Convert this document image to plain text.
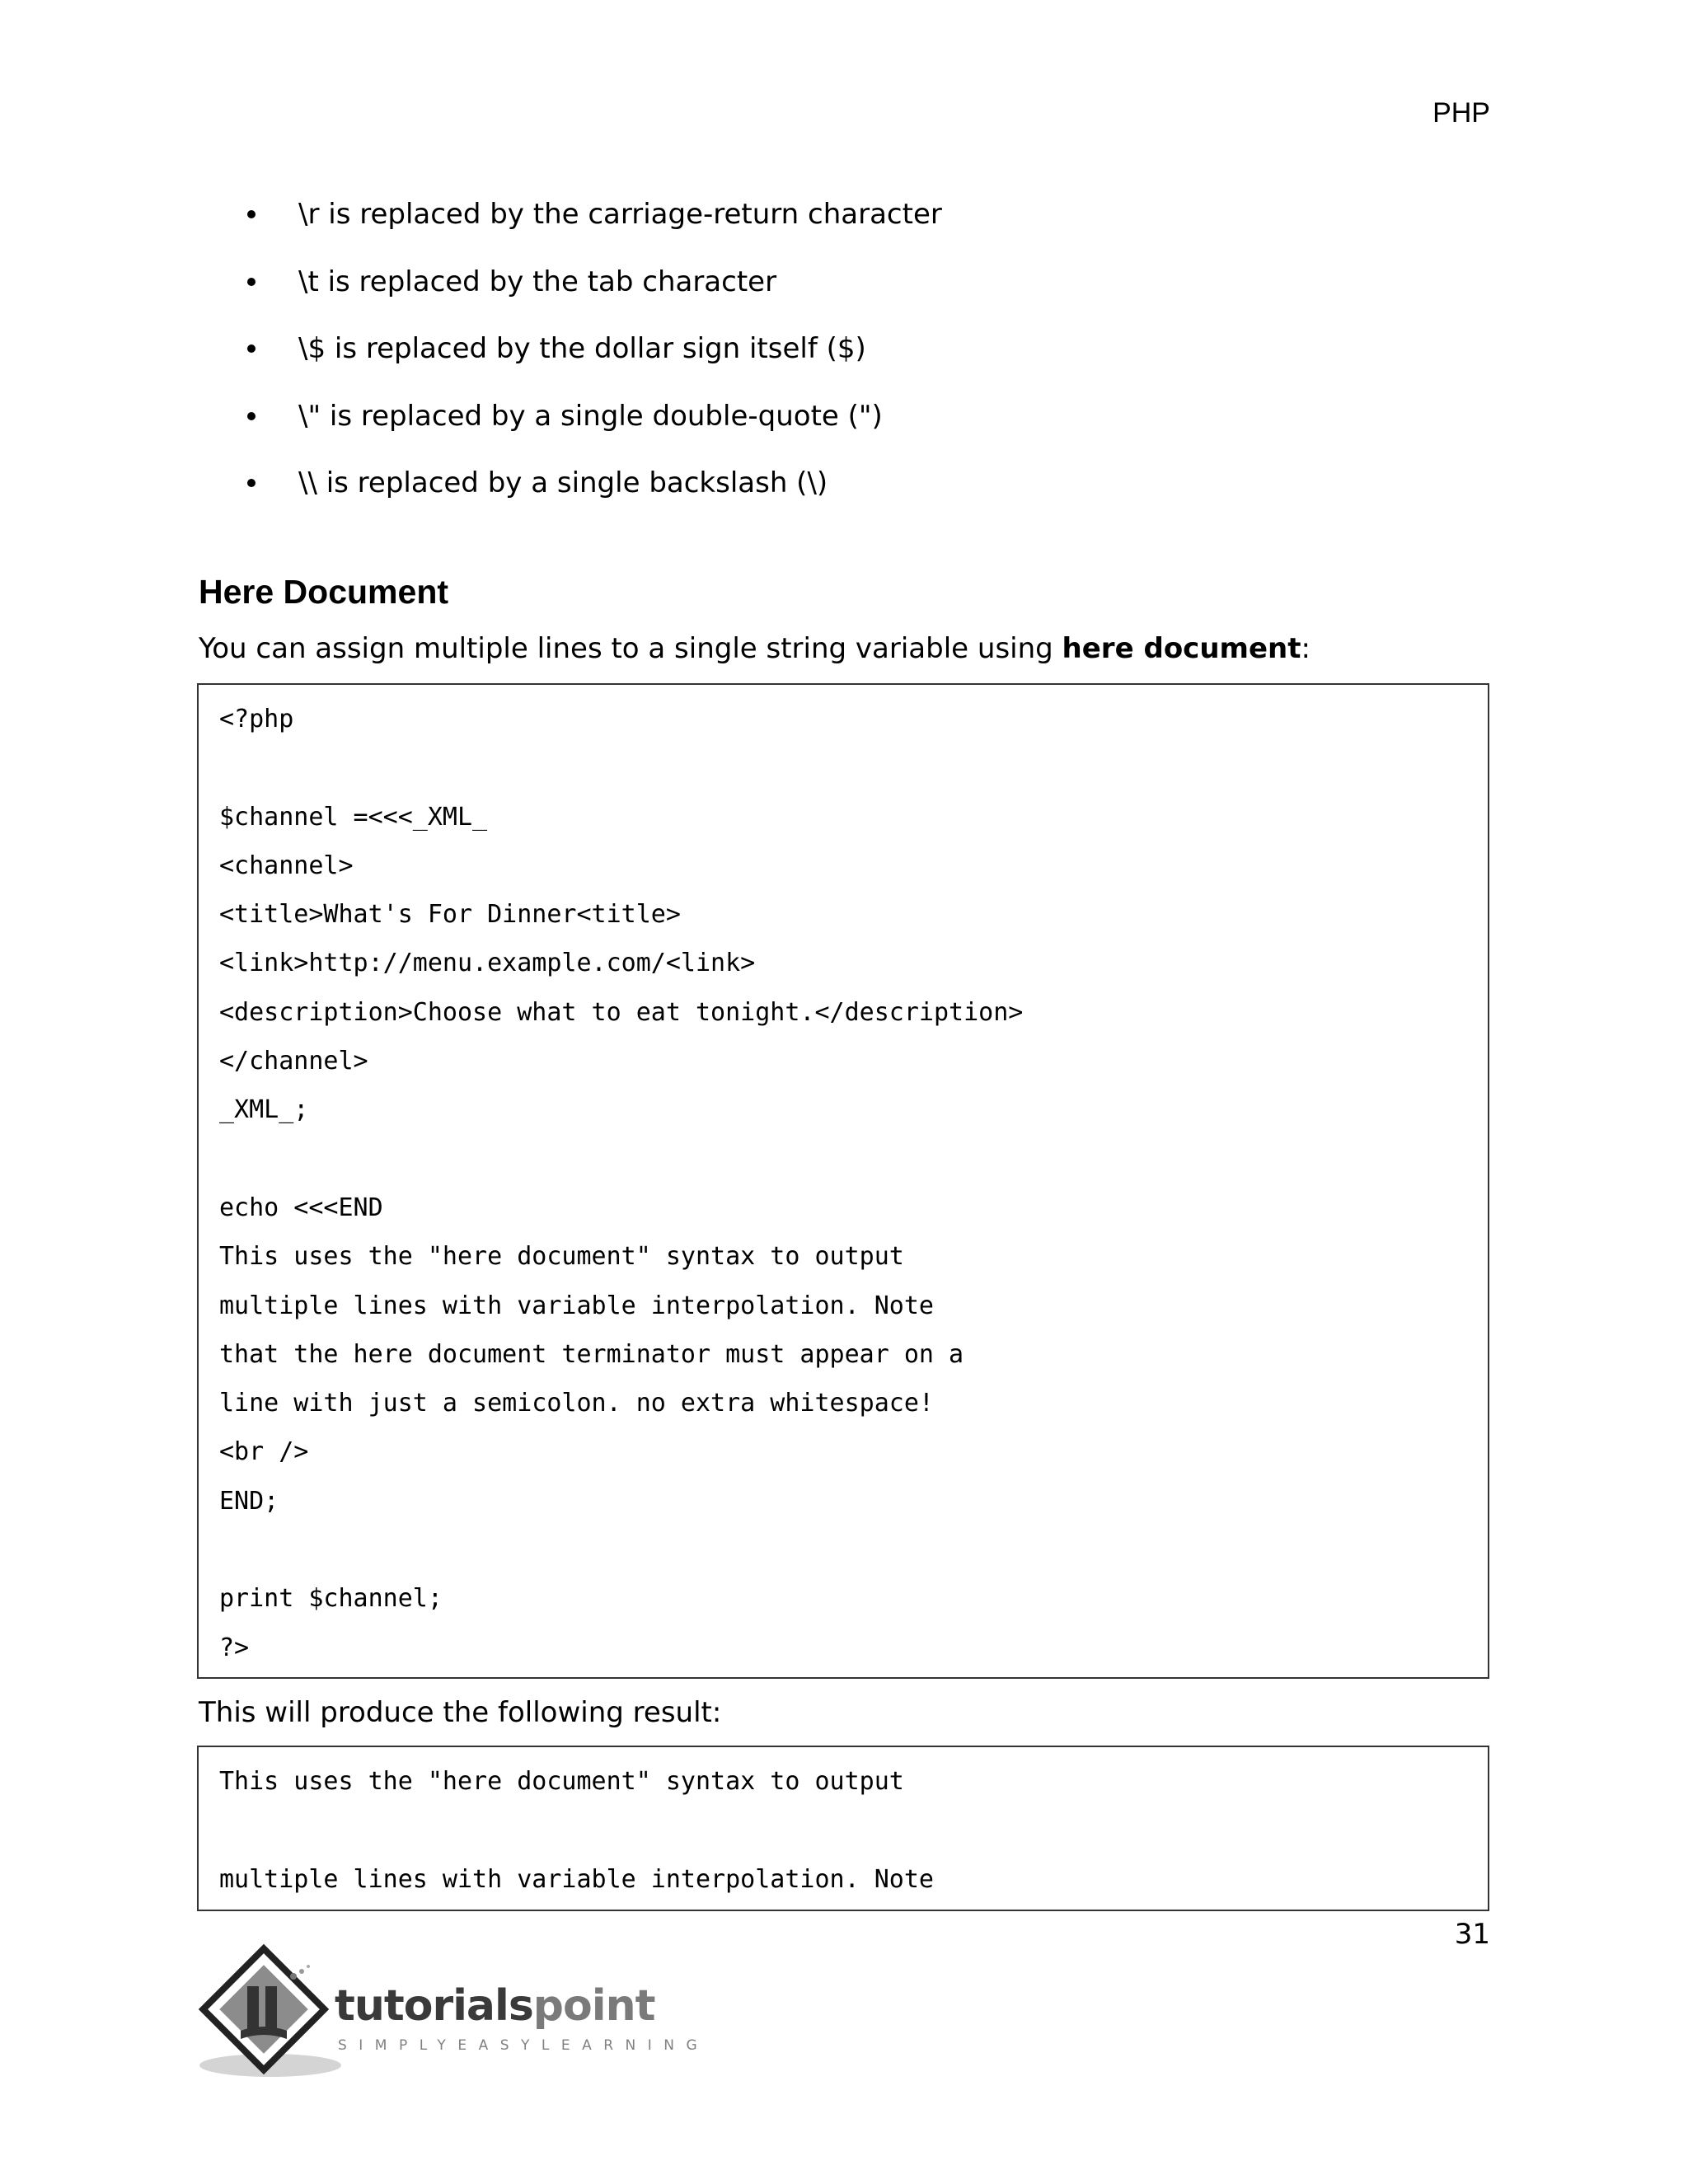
PHP
\r is replaced by the carriage-return character
\t is replaced by the tab character
\$ is replaced by the dollar sign itself ($)
\" is replaced by a single double-quote (")
\\ is replaced by a single backslash (\)
Here Document
You can assign multiple lines to a single string variable using here document:
<?php
$channel =<<<_XML_
<channel>
<title>What's For Dinner<title>
<link>http://menu.example.com/<link>
<description>Choose what to eat tonight.</description>
</channel>
_XML_;
echo <<<END
This uses the "here document" syntax to output
multiple lines with variable interpolation. Note
that the here document terminator must appear on a
line with just a semicolon. no extra whitespace!
<br />
END;
print $channel;
?>
This will produce the following result:
This uses the "here document" syntax to output
multiple lines with variable interpolation. Note
31
tutorialspoint
SIMPLYEASYLEARNING
